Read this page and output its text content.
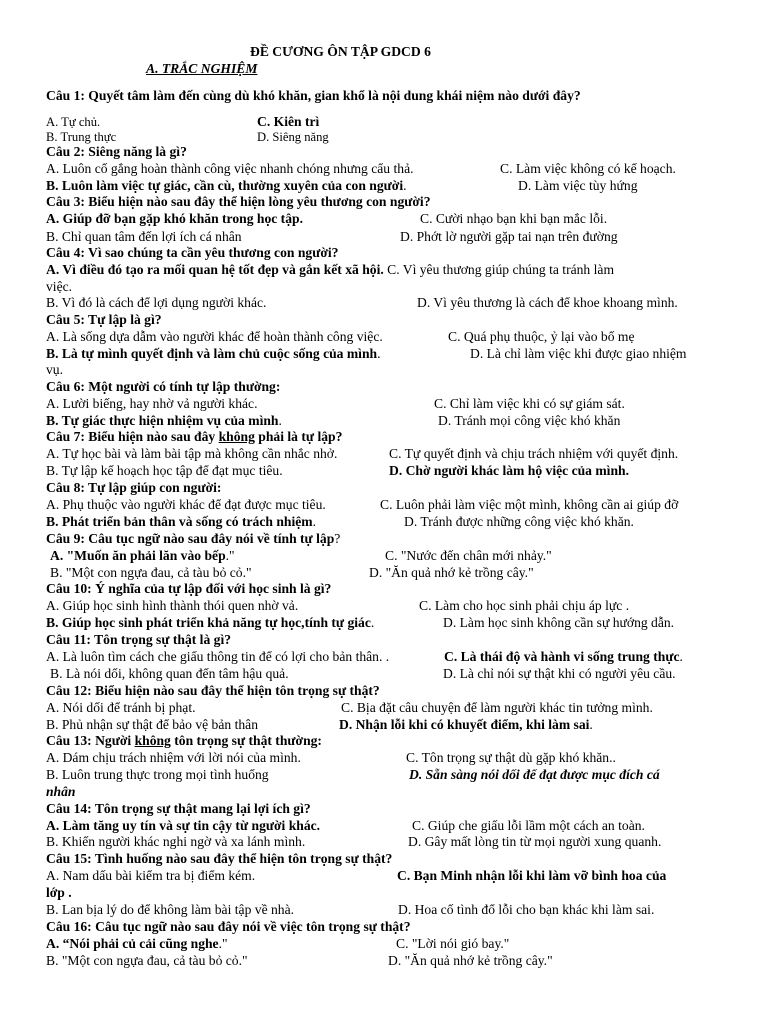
ĐỀ CƯƠNG ÔN TẬP GDCD 6
A. TRẮC NGHIỆM
Câu 1: Quyết tâm làm đến cùng dù khó khăn, gian khổ là nội dung khái niệm nào dưới đây?
A. Tự chủ.	C. Kiên trì
B. Trung thực	D. Siêng năng
Câu 2: Siêng năng là gì?
A. Luôn cố gắng hoàn thành công việc nhanh chóng nhưng cẩu thả.	C. Làm việc không có kế hoạch.
B. Luôn làm việc tự giác, cần cù, thường xuyên của con người.	D. Làm việc tùy hứng
Câu 3: Biểu hiện nào sau đây thể hiện lòng yêu thương con người?
A. Giúp đỡ bạn gặp khó khăn trong học tập.	C. Cười nhạo bạn khi bạn mắc lỗi.
B. Chỉ quan tâm đến lợi ích cá nhân	D. Phớt lờ người gặp tai nạn trên đường
Câu 4: Vì sao chúng ta cần yêu thương con người?
A. Vì điều đó tạo ra mối quan hệ tốt đẹp và gắn kết xã hội. C. Vì yêu thương giúp chúng ta tránh làm
việc.
B. Vì đó là cách để lợi dụng người khác.	D. Vì yêu thương là cách để khoe khoang mình.
Câu 5: Tự lập là gì?
A. Là sống dựa dẫm vào người khác để hoàn thành công việc.	C. Quá phụ thuộc, ỷ lại vào bố mẹ
B. Là tự mình quyết định và làm chủ cuộc sống của mình.	D. Là chỉ làm việc khi được giao nhiệm
vụ.
Câu 6: Một người có tính tự lập thường:
A. Lười biếng, hay nhờ vả người khác.	C. Chỉ làm việc khi có sự giám sát.
B. Tự giác thực hiện nhiệm vụ của mình.	D. Tránh mọi công việc khó khăn
Câu 7: Biểu hiện nào sau đây không phải là tự lập?
A. Tự học bài và làm bài tập mà không cần nhắc nhở.	C. Tự quyết định và chịu trách nhiệm với quyết định.
B. Tự lập kế hoạch học tập để đạt mục tiêu.	D. Chờ người khác làm hộ việc của mình.
Câu 8: Tự lập giúp con người:
A. Phụ thuộc vào người khác để đạt được mục tiêu.	C. Luôn phải làm việc một mình, không cần ai giúp đỡ
B. Phát triển bản thân và sống có trách nhiệm.	D. Tránh được những công việc khó khăn.
Câu 9: Câu tục ngữ nào sau đây nói về tính tự lập?
A. "Muốn ăn phải lăn vào bếp."	C. "Nước đến chân mới nhảy."
B. "Một con ngựa đau, cả tàu bỏ cỏ."	D. "Ăn quả nhớ kẻ trồng cây."
Câu 10: Ý nghĩa của tự lập đối với học sinh là gì?
A. Giúp học sinh hình thành thói quen nhờ vả.	C. Làm cho học sinh phải chịu áp lực .
B. Giúp học sinh phát triển khả năng tự học,tính tự giác.	D. Làm học sinh không cần sự hướng dẫn.
Câu 11: Tôn trọng sự thật là gì?
A. Là luôn tìm cách che giấu thông tin để có lợi cho bản thân. .	C. Là thái độ và hành vi sống trung thực.
B. Là nói dối, không quan đến tâm hậu quả.	D. Là chỉ nói sự thật khi có người yêu cầu.
Câu 12: Biểu hiện nào sau đây thể hiện tôn trọng sự thật?
A. Nói dối để tránh bị phạt.	C. Bịa đặt câu chuyện để làm người khác tin tưởng mình.
B. Phủ nhận sự thật để bảo vệ bản thân	D. Nhận lỗi khi có khuyết điểm, khi làm sai.
Câu 13: Người không tôn trọng sự thật thường:
A. Dám chịu trách nhiệm với lời nói của mình.	C. Tôn trọng sự thật dù gặp khó khăn..
B. Luôn trung thực trong mọi tình huống	D. Sẵn sàng nói dối để đạt được mục đích cá
nhân
Câu 14: Tôn trọng sự thật mang lại lợi ích gì?
A. Làm tăng uy tín và sự tin cậy từ người khác.	C. Giúp che giấu lỗi lầm một cách an toàn.
B. Khiến người khác nghi ngờ và xa lánh mình.	D. Gây mất lòng tin từ mọi người xung quanh.
Câu 15: Tình huống nào sau đây thể hiện tôn trọng sự thật?
A. Nam dấu bài kiểm tra bị điểm kém.	C. Bạn Minh nhận lỗi khi làm vỡ bình hoa của
lớp .
B. Lan bịa lý do để không làm bài tập về nhà.	D. Hoa cố tình đổ lỗi cho bạn khác khi làm sai.
Câu 16: Câu tục ngữ nào sau đây nói về việc tôn trọng sự thật?
A. “Nói phải củ cải cũng nghe."	C. "Lời nói gió bay."
B. "Một con ngựa đau, cả tàu bỏ cỏ."	D. "Ăn quả nhớ kẻ trồng cây."
